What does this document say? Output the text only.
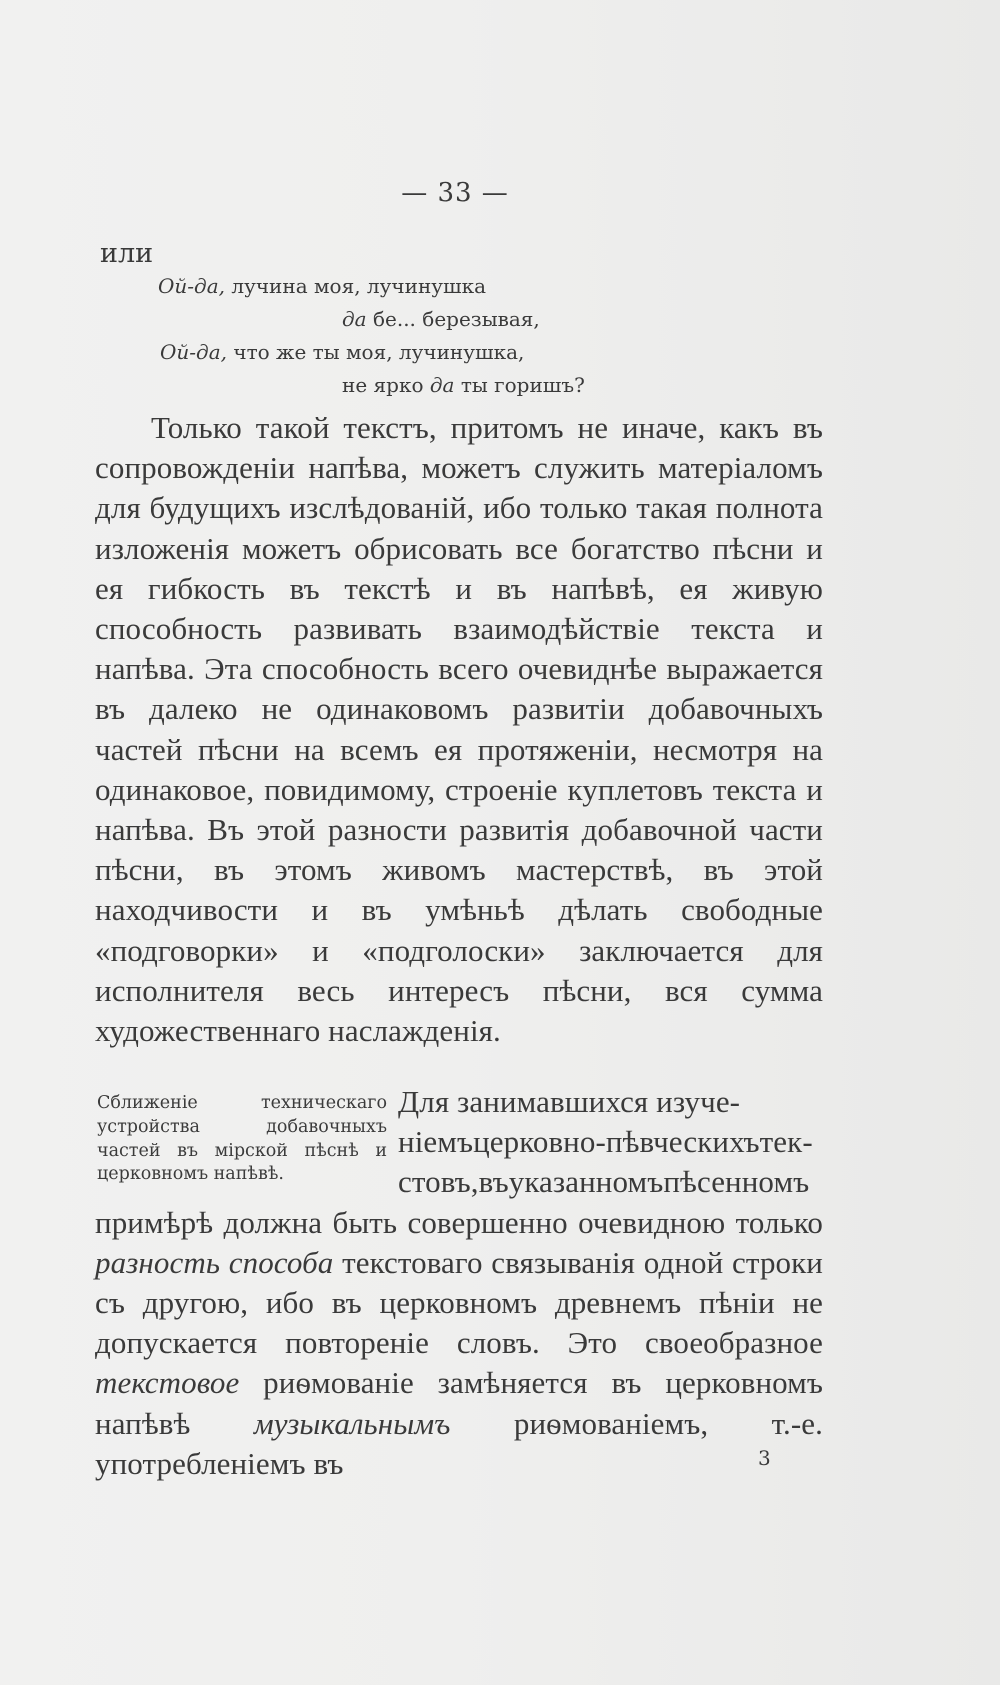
— 33 —
или
Ой-да, лучина моя, лучинушка
да бе... березывая,
Ой-да, что же ты моя, лучинушка,
не ярко да ты горишъ?
Только такой текстъ, притомъ не иначе, какъ въ сопровожденіи напѣва, можетъ служить матеріаломъ для будущихъ изслѣдованій, ибо только такая полнота изложенія можетъ обрисовать все богатство пѣсни и ея гибкость въ текстѣ и въ напѣвѣ, ея живую способность развивать взаимодѣйствіе текста и напѣва. Эта способность всего очевиднѣе выражается въ далеко не одинаковомъ развитіи добавочныхъ частей пѣсни на всемъ ея протяженіи, несмотря на одинаковое, повидимому, строеніе куплетовъ текста и напѣва. Въ этой разности развитія добавочной части пѣсни, въ этомъ живомъ мастерствѣ, въ этой находчивости и въ умѣньѣ дѣлать свободные «подговорки» и «подголоски» заключается для исполнителя весь интересъ пѣсни, вся сумма художественнаго наслажденія.
Сближеніе техническаго устройства добавочныхъ частей въ мірской пѣснѣ и церковномъ напѣвѣ.
Для занимавшихся изуче-
ніемъцерковно-пѣвческихътек-
стовъ,въуказанномъпѣсенномъ
примѣрѣ должна быть совершенно очевидною только разность способа текстоваго связыванія одной строки съ другою, ибо въ церковномъ древнемъ пѣніи не допускается повтореніе словъ. Это своеобразное текстовое риѳмованіе замѣняется въ церковномъ напѣвѣ музыкальнымъ риѳмованіемъ, т.-е. употребленіемъ въ	3
